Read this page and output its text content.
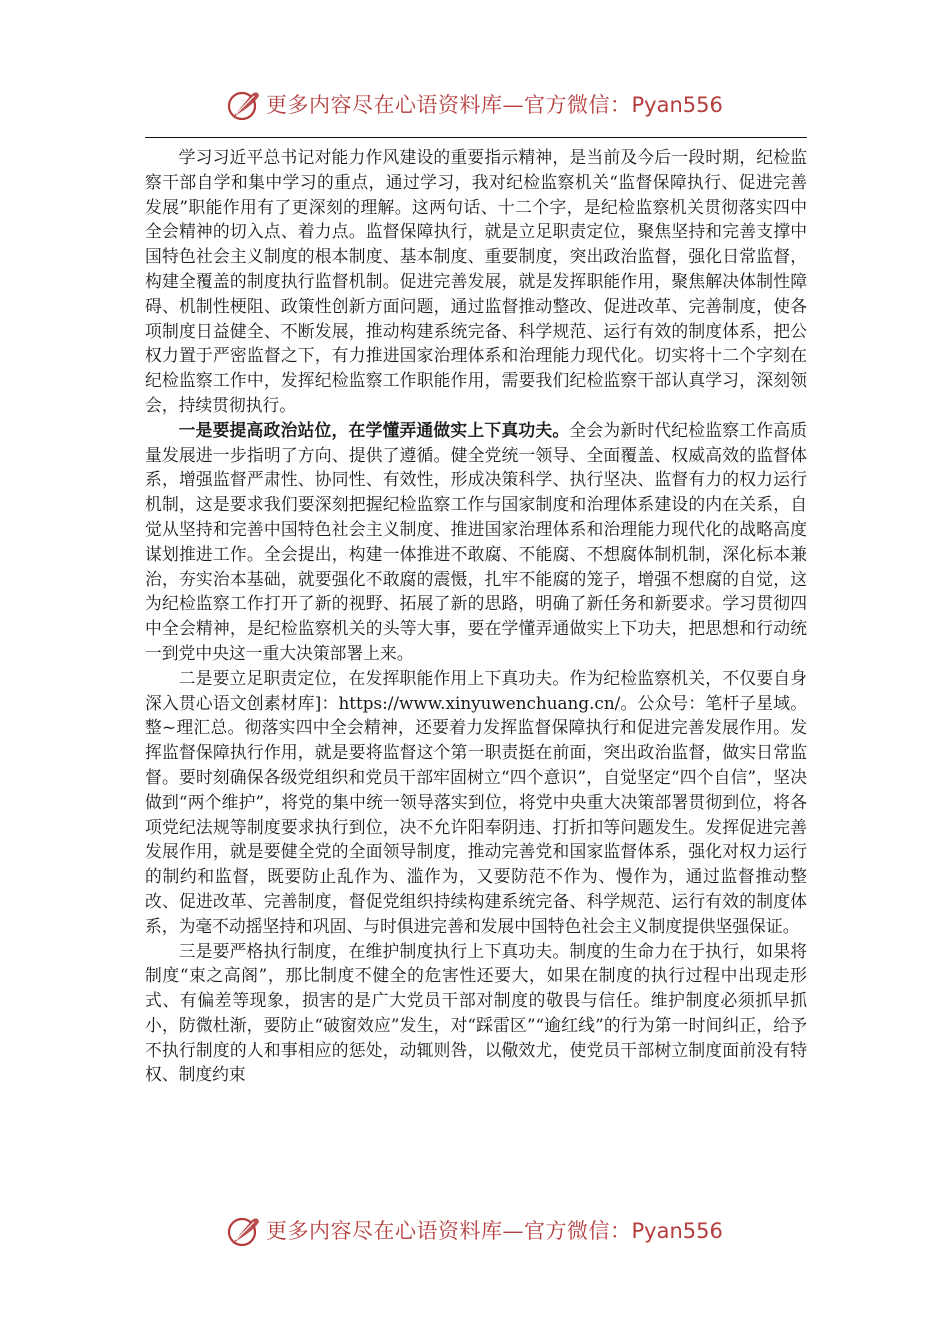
更多内容尽在心语资料库—官方微信：Pyan556

学习习近平总书记对能力作风建设的重要指示精神，是当前及今后一段时期，纪检监察干部自学和集中学习的重点，通过学习，我对纪检监察机关“监督保障执行、促进完善发展”职能作用有了更深刻的理解。这两句话、十二个字，是纪检监察机关贯彻落实四中全会精神的切入点、着力点。监督保障执行，就是立足职责定位，聚焦坚持和完善支撑中国特色社会主义制度的根本制度、基本制度、重要制度，突出政治监督，强化日常监督，构建全覆盖的制度执行监督机制。促进完善发展，就是发挥职能作用，聚焦解决体制性障碍、机制性梗阻、政策性创新方面问题，通过监督推动整改、促进改革、完善制度，使各项制度日益健全、不断发展，推动构建系统完备、科学规范、运行有效的制度体系，把公权力置于严密监督之下，有力推进国家治理体系和治理能力现代化。切实将十二个字刻在纪检监察工作中，发挥纪检监察工作职能作用，需要我们纪检监察干部认真学习，深刻领会，持续贯彻执行。

一是要提高政治站位，在学懂弄通做实上下真功夫。全会为新时代纪检监察工作高质量发展进一步指明了方向、提供了遵循。健全党统一领导、全面覆盖、权威高效的监督体系，增强监督严肃性、协同性、有效性，形成决策科学、执行坚决、监督有力的权力运行机制，这是要求我们要深刻把握纪检监察工作与国家制度和治理体系建设的内在关系，自觉从坚持和完善中国特色社会主义制度、推进国家治理体系和治理能力现代化的战略高度谋划推进工作。全会提出，构建一体推进不敢腐、不能腐、不想腐体制机制，深化标本兼治，夯实治本基础，就要强化不敢腐的震慑，扎牢不能腐的笼子，增强不想腐的自觉，这为纪检监察工作打开了新的视野、拓展了新的思路，明确了新任务和新要求。学习贯彻四中全会精神，是纪检监察机关的头等大事，要在学懂弄通做实上下功夫，把思想和行动统一到党中央这一重大决策部署上来。

二是要立足职责定位，在发挥职能作用上下真功夫。作为纪检监察机关，不仅要自身深入贯心语文创素材库]：https://www.xinyuwenchuang.cn/。公众号：笔杆子星域。整~理汇总。彻落实四中全会精神，还要着力发挥监督保障执行和促进完善发展作用。发挥监督保障执行作用，就是要将监督这个第一职责挺在前面，突出政治监督，做实日常监督。要时刻确保各级党组织和党员干部牢固树立“四个意识”，自觉坚定“四个自信”，坚决做到“两个维护”，将党的集中统一领导落实到位，将党中央重大决策部署贯彻到位，将各项党纪法规等制度要求执行到位，决不允许阳奉阴违、打折扣等问题发生。发挥促进完善发展作用，就是要健全党的全面领导制度，推动完善党和国家监督体系，强化对权力运行的制约和监督，既要防止乱作为、滥作为，又要防范不作为、慢作为，通过监督推动整改、促进改革、完善制度，督促党组织持续构建系统完备、科学规范、运行有效的制度体系，为毫不动摇坚持和巩固、与时俱进完善和发展中国特色社会主义制度提供坚强保证。

三是要严格执行制度，在维护制度执行上下真功夫。制度的生命力在于执行，如果将制度“束之高阁”，那比制度不健全的危害性还要大，如果在制度的执行过程中出现走形式、有偏差等现象，损害的是广大党员干部对制度的敬畏与信任。维护制度必须抓早抓小，防微杜渐，要防止“破窗效应”发生，对“踩雷区”“逾红线”的行为第一时间纠正，给予不执行制度的人和事相应的惩处，动辄则咎，以儆效尤，使党员干部树立制度面前没有特权、制度约束

更多内容尽在心语资料库—官方微信：Pyan556
